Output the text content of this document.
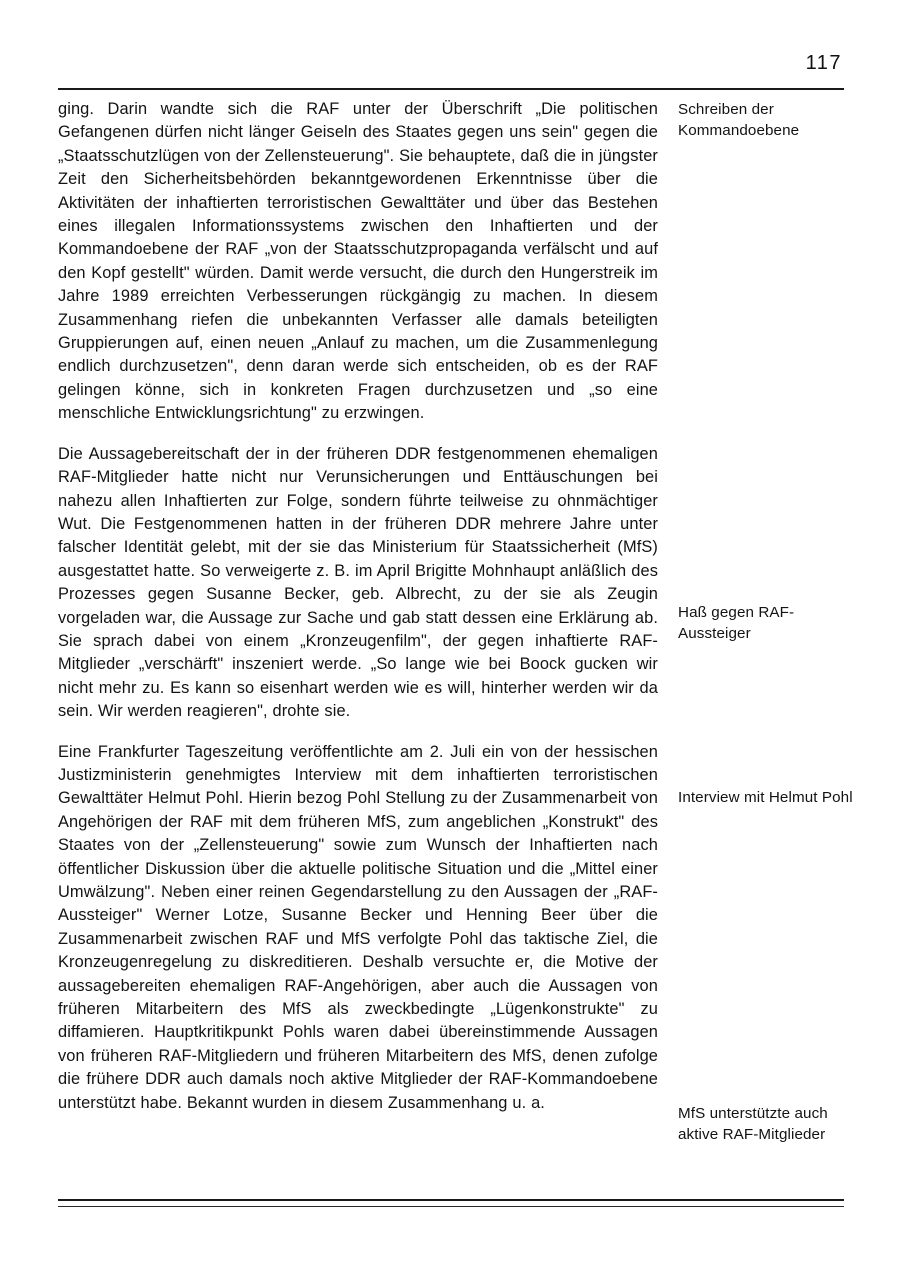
117

ging. Darin wandte sich die RAF unter der Überschrift „Die politischen Gefangenen dürfen nicht länger Geiseln des Staates gegen uns sein" gegen die „Staatsschutzlügen von der Zellensteuerung". Sie behauptete, daß die in jüngster Zeit den Sicherheitsbehörden bekanntgewordenen Erkenntnisse über die Aktivitäten der inhaftierten terroristischen Gewalttäter und über das Bestehen eines illegalen Informationssystems zwischen den Inhaftierten und der Kommandoebene der RAF „von der Staatsschutzpropaganda verfälscht und auf den Kopf gestellt" würden. Damit werde versucht, die durch den Hungerstreik im Jahre 1989 erreichten Verbesserungen rückgängig zu machen. In diesem Zusammenhang riefen die unbekannten Verfasser alle damals beteiligten Gruppierungen auf, einen neuen „Anlauf zu machen, um die Zusammenlegung endlich durchzusetzen", denn daran werde sich entscheiden, ob es der RAF gelingen könne, sich in konkreten Fragen durchzusetzen und „so eine menschliche Entwicklungsrichtung" zu erzwingen.

Die Aussagebereitschaft der in der früheren DDR festgenommenen ehemaligen RAF-Mitglieder hatte nicht nur Verunsicherungen und Enttäuschungen bei nahezu allen Inhaftierten zur Folge, sondern führte teilweise zu ohnmächtiger Wut. Die Festgenommenen hatten in der früheren DDR mehrere Jahre unter falscher Identität gelebt, mit der sie das Ministerium für Staatssicherheit (MfS) ausgestattet hatte. So verweigerte z. B. im April Brigitte Mohnhaupt anläßlich des Prozesses gegen Susanne Becker, geb. Albrecht, zu der sie als Zeugin vorgeladen war, die Aussage zur Sache und gab statt dessen eine Erklärung ab. Sie sprach dabei von einem „Kronzeugenfilm", der gegen inhaftierte RAF-Mitglieder „verschärft" inszeniert werde. „So lange wie bei Boock gucken wir nicht mehr zu. Es kann so eisenhart werden wie es will, hinterher werden wir da sein. Wir werden reagieren", drohte sie.

Eine Frankfurter Tageszeitung veröffentlichte am 2. Juli ein von der hessischen Justizministerin genehmigtes Interview mit dem inhaftierten terroristischen Gewalttäter Helmut Pohl. Hierin bezog Pohl Stellung zu der Zusammenarbeit von Angehörigen der RAF mit dem früheren MfS, zum angeblichen „Konstrukt" des Staates von der „Zellensteuerung" sowie zum Wunsch der Inhaftierten nach öffentlicher Diskussion über die aktuelle politische Situation und die „Mittel einer Umwälzung". Neben einer reinen Gegendarstellung zu den Aussagen der „RAF-Aussteiger" Werner Lotze, Susanne Becker und Henning Beer über die Zusammenarbeit zwischen RAF und MfS verfolgte Pohl das taktische Ziel, die Kronzeugenregelung zu diskreditieren. Deshalb versuchte er, die Motive der aussagebereiten ehemaligen RAF-Angehörigen, aber auch die Aussagen von früheren Mitarbeitern des MfS als zweckbedingte „Lügenkonstrukte" zu diffamieren. Hauptkritikpunkt Pohls waren dabei übereinstimmende Aussagen von früheren RAF-Mitgliedern und früheren Mitarbeitern des MfS, denen zufolge die frühere DDR auch damals noch aktive Mitglieder der RAF-Kommandoebene unterstützt habe. Bekannt wurden in diesem Zusammenhang u. a.

Schreiben der Kommandoebene
Haß gegen RAF-Aussteiger
Interview mit Helmut Pohl
MfS unterstützte auch aktive RAF-Mitglieder
